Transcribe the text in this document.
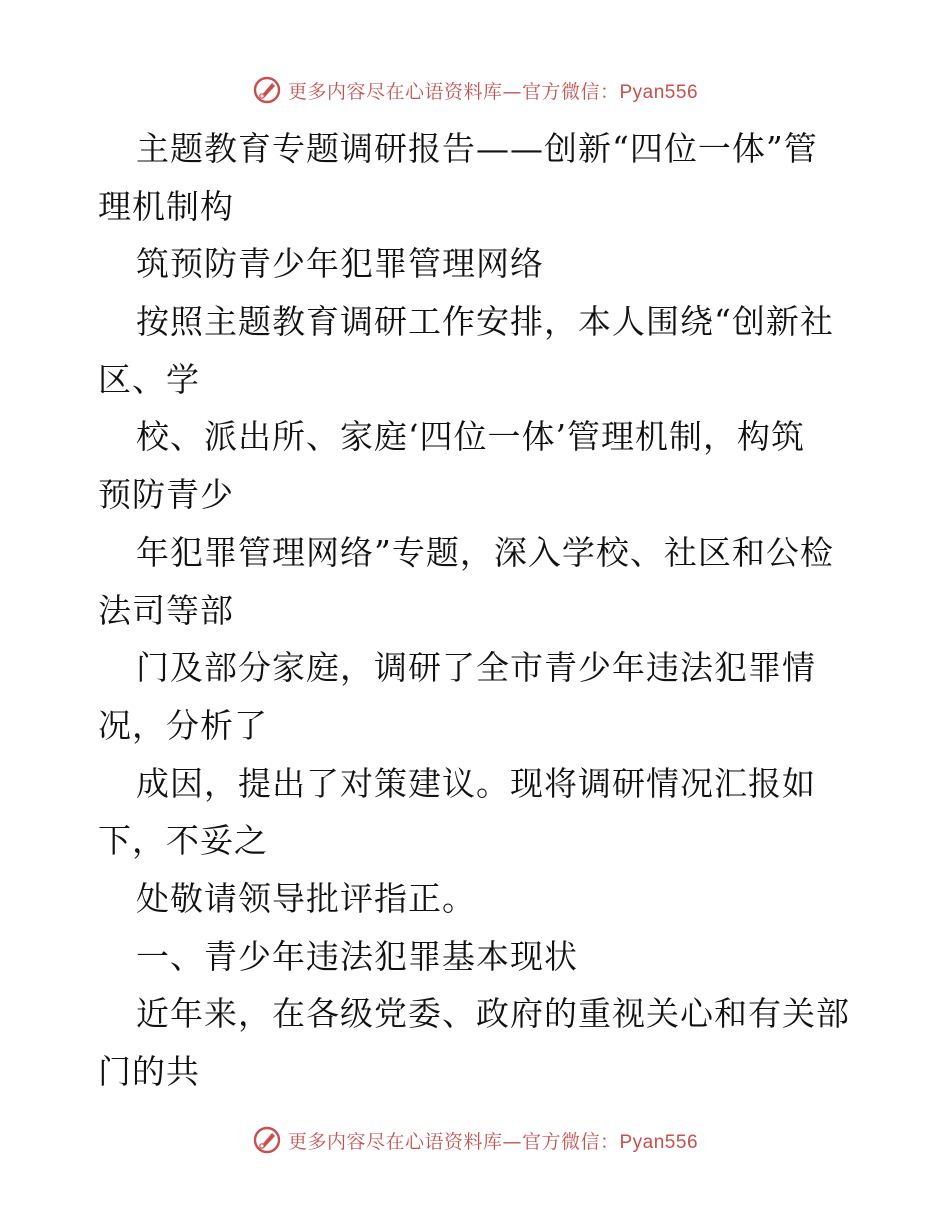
更多内容尽在心语资料库—官方微信：Pyan556
主题教育专题调研报告——创新“四位一体”管
理机制构
筑预防青少年犯罪管理网络
按照主题教育调研工作安排，本人围绕“创新社
区、学
校、派出所、家庭‘四位一体’管理机制，构筑
预防青少
年犯罪管理网络”专题，深入学校、社区和公检
法司等部
门及部分家庭，调研了全市青少年违法犯罪情
况，分析了
成因，提出了对策建议。现将调研情况汇报如
下，不妥之
处敬请领导批评指正。
一、青少年违法犯罪基本现状
近年来，在各级党委、政府的重视关心和有关部
门的共
更多内容尽在心语资料库—官方微信：Pyan556
